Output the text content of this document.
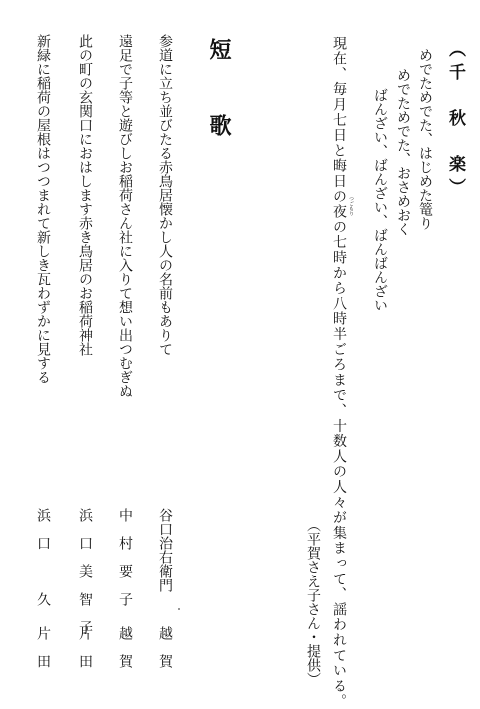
（千　秋　楽）
めでためでた、はじめた篭り
めでためでた、おさめおく
ばんざい、ばんざい、ばんばんざい
現在、毎月七日と晦日の夜の七時から八時半ごろまで、十数人の人々が集まって、謡われている。 つごもり
（平賀さえ子さん・提供）
短　歌
参道に立ち並びたる赤鳥居懐かし人の名前もありて
遠足で子等と遊びしお稲荷さん社に入りて想い出つむぎぬ
此の町の玄関口におはします赤き鳥居のお稲荷神社
新緑に稲荷の屋根はつつまれて新しき瓦わずかに見する
谷口治右衛門
中　村　要　子
浜　口　美　智　子
浜　口　　　久
越　賀
越　賀
片　田
片　田
